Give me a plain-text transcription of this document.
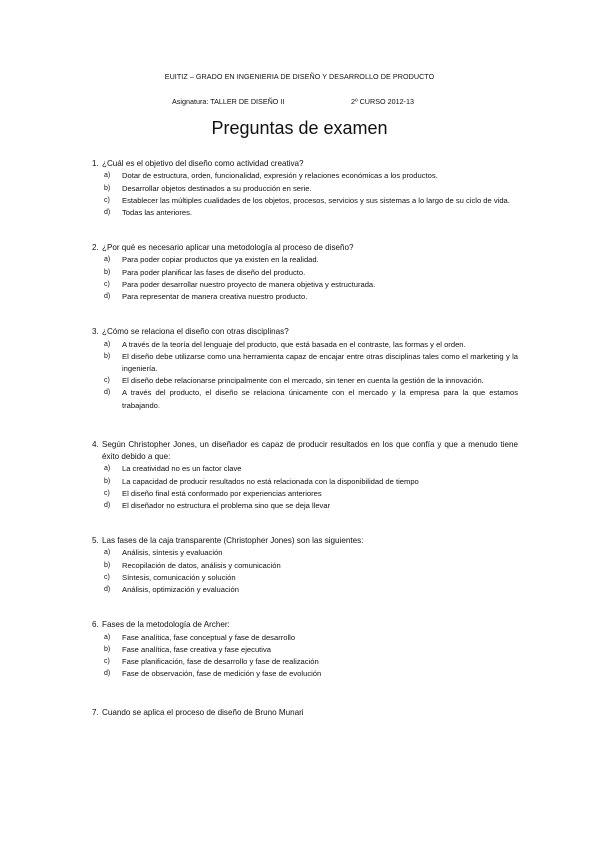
EUITIZ – GRADO EN INGENIERIA DE DISEÑO Y DESARROLLO DE PRODUCTO
Asignatura: TALLER DE DISEÑO II	2º CURSO 2012-13
Preguntas de examen
1. ¿Cuál es el objetivo del diseño como actividad creativa?
a)	Dotar de estructura, orden, funcionalidad, expresión y relaciones económicas a los productos.
b)	Desarrollar objetos destinados a su producción en serie.
c)	Establecer las múltiples cualidades de los objetos, procesos, servicios y sus sistemas a lo largo de su ciclo de vida.
d)	Todas las anteriores.
2. ¿Por qué es necesario aplicar una metodología al proceso de diseño?
a)	Para poder copiar productos que ya existen en la realidad.
b)	Para poder planificar las fases de diseño del producto.
c)	Para poder desarrollar nuestro proyecto de manera objetiva y estructurada.
d)	Para representar de manera creativa nuestro producto.
3. ¿Cómo se relaciona el diseño con otras disciplinas?
a)	A través de la teoría del lenguaje del producto, que está basada en el contraste, las formas y el orden.
b)	El diseño debe utilizarse como una herramienta capaz de encajar entre otras disciplinas tales como el marketing y la ingeniería.
c)	El diseño debe relacionarse principalmente con el mercado, sin tener en cuenta la gestión de la innovación.
d)	A través del producto, el diseño se relaciona únicamente con el mercado y la empresa para la que estamos trabajando.
4. Según Christopher Jones, un diseñador es capaz de producir resultados en los que confía y que a menudo tiene éxito debido a que:
a)	La creatividad no es un factor clave
b)	La capacidad de producir resultados no está relacionada con la disponibilidad de tiempo
c)	El diseño final está conformado por experiencias anteriores
d)	El diseñador no estructura el problema sino que se deja llevar
5. Las fases de la caja transparente (Christopher Jones) son las siguientes:
a)	Análisis, síntesis y evaluación
b)	Recopilación de datos, análisis y comunicación
c)	Síntesis, comunicación y solución
d)	Análisis, optimización y evaluación
6. Fases de la metodología de Archer:
a)	Fase analítica, fase conceptual y fase de desarrollo
b)	Fase analítica, fase creativa y fase ejecutiva
c)	Fase planificación, fase de desarrollo y fase de realización
d)	Fase de observación, fase de medición y fase de evolución
7. Cuando se aplica el proceso de diseño de Bruno Munari
